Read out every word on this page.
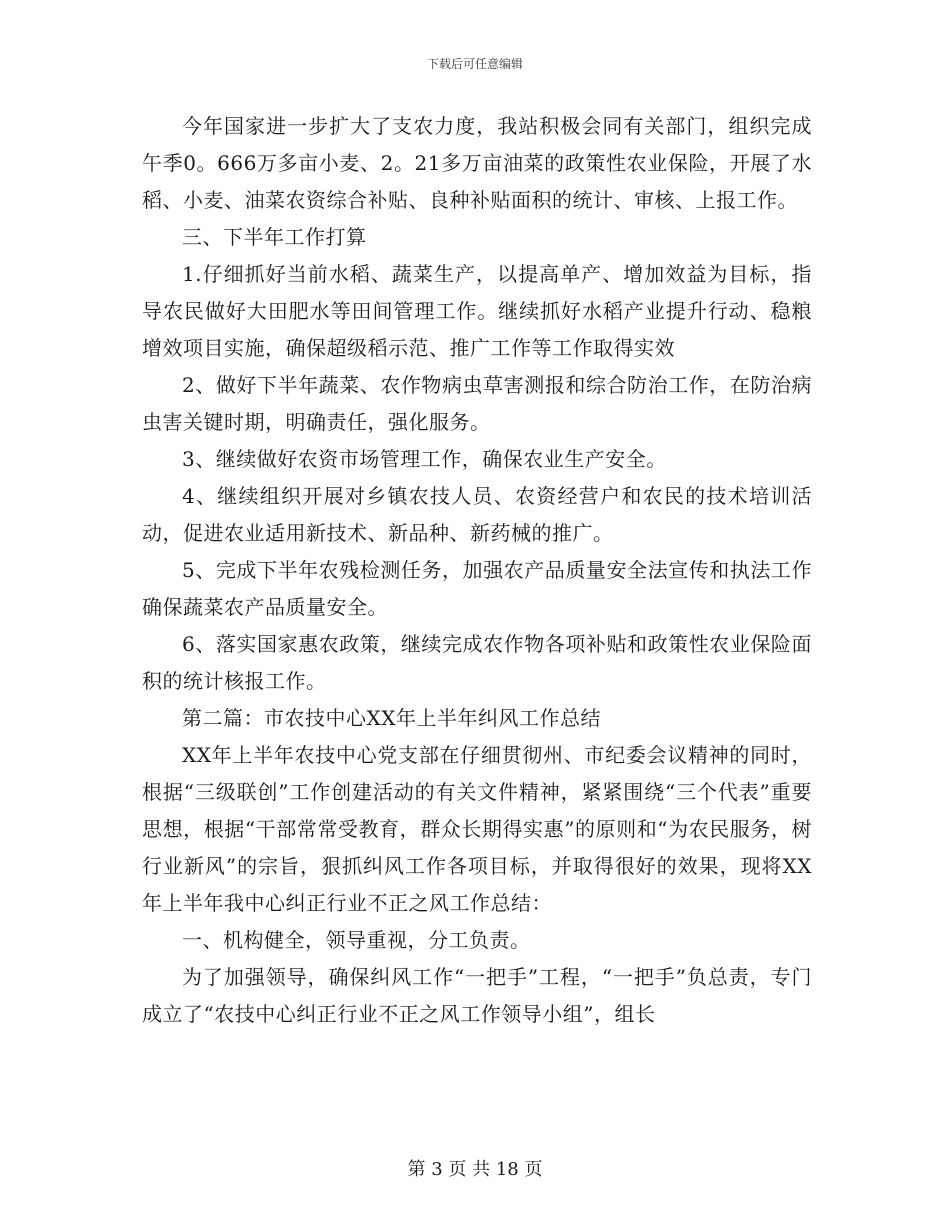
下载后可任意编辑

今年国家进一步扩大了支农力度，我站积极会同有关部门，组织完成午季0。666万多亩小麦、2。21多万亩油菜的政策性农业保险，开展了水稻、小麦、油菜农资综合补贴、良种补贴面积的统计、审核、上报工作。

三、下半年工作打算

1.仔细抓好当前水稻、蔬菜生产，以提高单产、增加效益为目标，指导农民做好大田肥水等田间管理工作。继续抓好水稻产业提升行动、稳粮增效项目实施，确保超级稻示范、推广工作等工作取得实效

2、做好下半年蔬菜、农作物病虫草害测报和综合防治工作，在防治病虫害关键时期，明确责任，强化服务。

3、继续做好农资市场管理工作，确保农业生产安全。

4、继续组织开展对乡镇农技人员、农资经营户和农民的技术培训活动，促进农业适用新技术、新品种、新药械的推广。

5、完成下半年农残检测任务，加强农产品质量安全法宣传和执法工作确保蔬菜农产品质量安全。

6、落实国家惠农政策，继续完成农作物各项补贴和政策性农业保险面积的统计核报工作。

第二篇：市农技中心XX年上半年纠风工作总结

XX年上半年农技中心党支部在仔细贯彻州、市纪委会议精神的同时，根据“三级联创”工作创建活动的有关文件精神，紧紧围绕“三个代表”重要思想，根据“干部常常受教育，群众长期得实惠”的原则和“为农民服务，树行业新风”的宗旨，狠抓纠风工作各项目标，并取得很好的效果，现将XX年上半年我中心纠正行业不正之风工作总结：

一、机构健全，领导重视，分工负责。

为了加强领导，确保纠风工作“一把手”工程，“一把手”负总责，专门成立了“农技中心纠正行业不正之风工作领导小组”，组长

第 3 页 共 18 页
